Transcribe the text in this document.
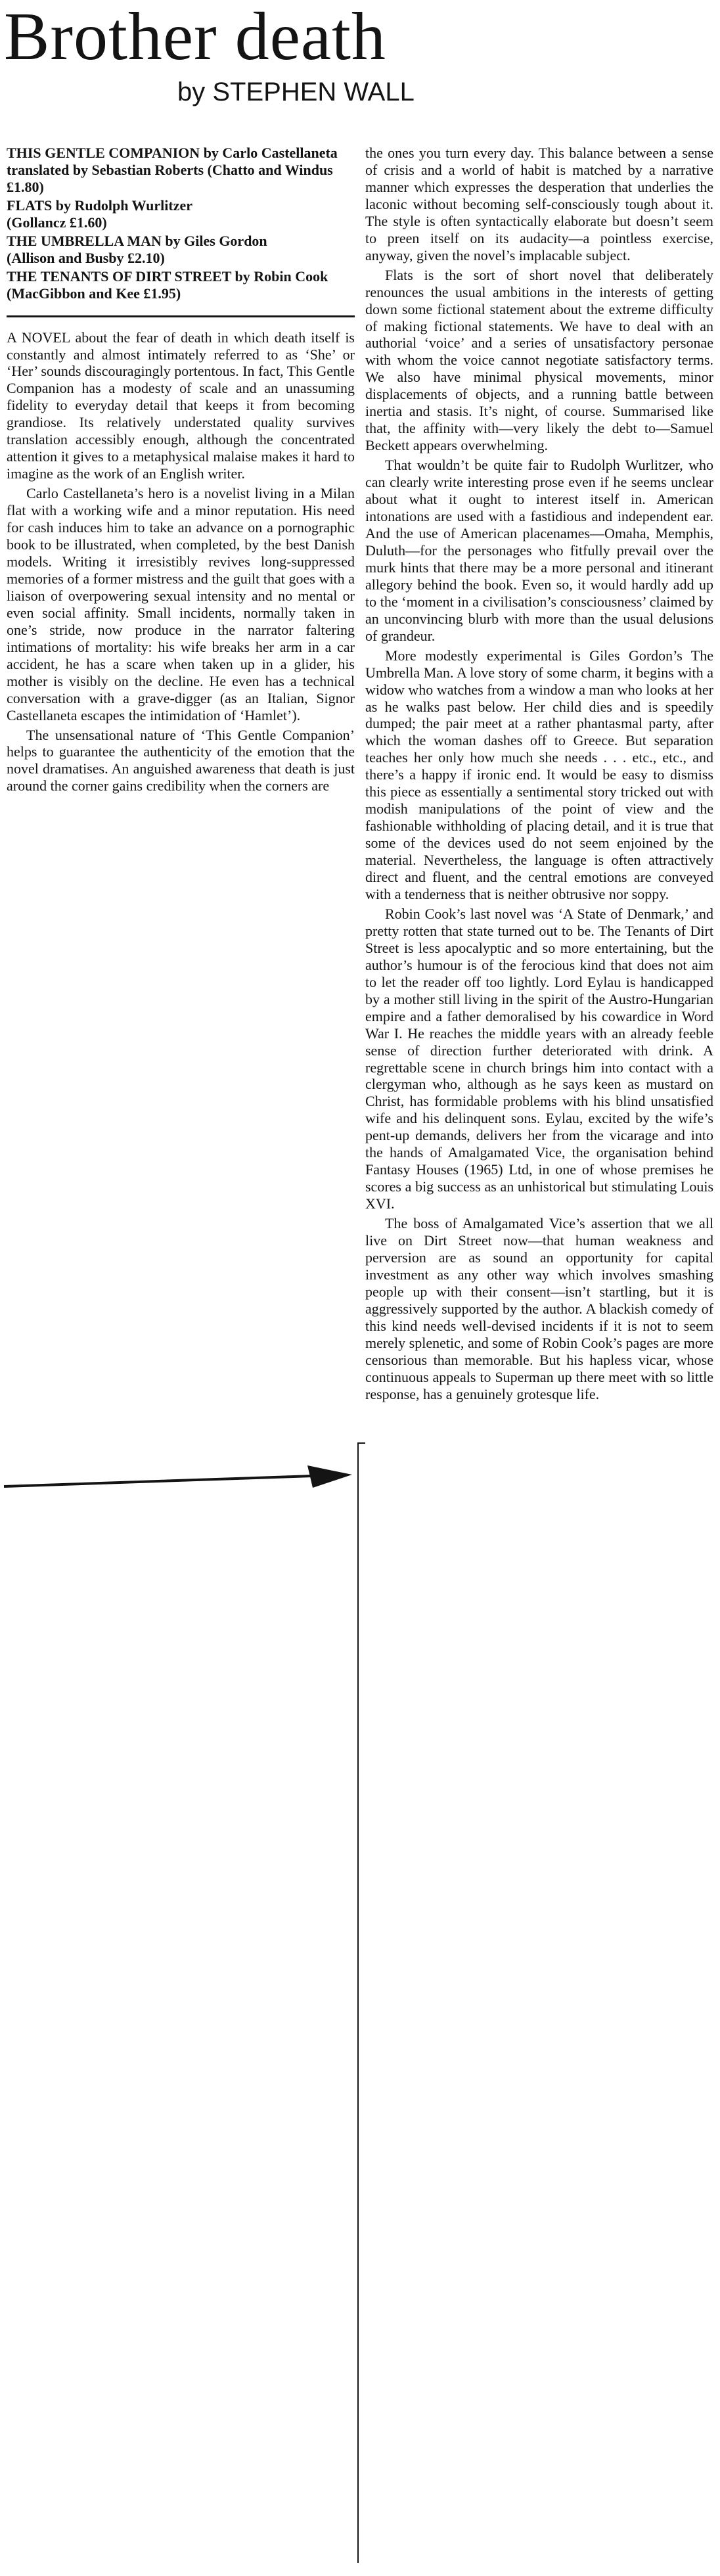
Brother death
by STEPHEN WALL
THIS GENTLE COMPANION by Carlo Castellaneta translated by Sebastian Roberts (Chatto and Windus £1.80)
FLATS by Rudolph Wurlitzer
(Gollancz £1.60)
THE UMBRELLA MAN by Giles Gordon
(Allison and Busby £2.10)
THE TENANTS OF DIRT STREET by Robin Cook
(MacGibbon and Kee £1.95)

A NOVEL about the fear of death in which death itself is constantly and almost intimately referred to as ‘She’ or ‘Her’ sounds discouragingly portentous. In fact, This Gentle Companion has a modesty of scale and an unassuming fidelity to everyday detail that keeps it from becoming grandiose. Its relatively understated quality survives translation accessibly enough, although the concentrated attention it gives to a metaphysical malaise makes it hard to imagine as the work of an English writer.

Carlo Castellaneta’s hero is a novelist living in a Milan flat with a working wife and a minor reputation. His need for cash induces him to take an advance on a pornographic book to be illustrated, when completed, by the best Danish models. Writing it irresistibly revives long-suppressed memories of a former mistress and the guilt that goes with a liaison of overpowering sexual intensity and no mental or even social affinity. Small incidents, normally taken in one’s stride, now produce in the narrator faltering intimations of mortality: his wife breaks her arm in a car accident, he has a scare when taken up in a glider, his mother is visibly on the decline. He even has a technical conversation with a grave-digger (as an Italian, Signor Castellaneta escapes the intimidation of ‘Hamlet’).

The unsensational nature of ‘This Gentle Companion’ helps to guarantee the authenticity of the emotion that the novel dramatises. An anguished awareness that death is just around the corner gains credibility when the corners are

the ones you turn every day. This balance between a sense of crisis and a world of habit is matched by a narrative manner which expresses the desperation that underlies the laconic without becoming self-consciously tough about it. The style is often syntactically elaborate but doesn’t seem to preen itself on its audacity—a pointless exercise, anyway, given the novel’s implacable subject.

Flats is the sort of short novel that deliberately renounces the usual ambitions in the interests of getting down some fictional statement about the extreme difficulty of making fictional statements. We have to deal with an authorial ‘voice’ and a series of unsatisfactory personae with whom the voice cannot negotiate satisfactory terms. We also have minimal physical movements, minor displacements of objects, and a running battle between inertia and stasis. It’s night, of course. Summarised like that, the affinity with—very likely the debt to—Samuel Beckett appears overwhelming.

That wouldn’t be quite fair to Rudolph Wurlitzer, who can clearly write interesting prose even if he seems unclear about what it ought to interest itself in. American intonations are used with a fastidious and independent ear. And the use of American placenames—Omaha, Memphis, Duluth—for the personages who fitfully prevail over the murk hints that there may be a more personal and itinerant allegory behind the book. Even so, it would hardly add up to the ‘moment in a civilisation’s consciousness’ claimed by an unconvincing blurb with more than the usual delusions of grandeur.

More modestly experimental is Giles Gordon’s The Umbrella Man. A love story of some charm, it begins with a widow who watches from a window a man who looks at her as he walks past below. Her child dies and is speedily dumped; the pair meet at a rather phantasmal party, after which the woman dashes off to Greece. But separation teaches her only how much she needs . . . etc., etc., and there’s a happy if ironic end. It would be easy to dismiss this piece as essentially a sentimental story tricked out with modish manipulations of the point of view and the fashionable withholding of placing detail, and it is true that some of the devices used do not seem enjoined by the material. Nevertheless, the language is often attractively direct and fluent, and the central emotions are conveyed with a tenderness that is neither obtrusive nor soppy.

Robin Cook’s last novel was ‘A State of Denmark,’ and pretty rotten that state turned out to be. The Tenants of Dirt Street is less apocalyptic and so more entertaining, but the author’s humour is of the ferocious kind that does not aim to let the reader off too lightly. Lord Eylau is handicapped by a mother still living in the spirit of the Austro-Hungarian empire and a father demoralised by his cowardice in Word War I. He reaches the middle years with an already feeble sense of direction further deteriorated with drink. A regrettable scene in church brings him into contact with a clergyman who, although as he says keen as mustard on Christ, has formidable problems with his blind unsatisfied wife and his delinquent sons. Eylau, excited by the wife’s pent-up demands, delivers her from the vicarage and into the hands of Amalgamated Vice, the organisation behind Fantasy Houses (1965) Ltd, in one of whose premises he scores a big success as an unhistorical but stimulating Louis XVI.

The boss of Amalgamated Vice’s assertion that we all live on Dirt Street now—that human weakness and perversion are as sound an opportunity for capital investment as any other way which involves smashing people up with their consent—isn’t startling, but it is aggressively supported by the author. A blackish comedy of this kind needs well-devised incidents if it is not to seem merely splenetic, and some of Robin Cook’s pages are more censorious than memorable. But his hapless vicar, whose continuous appeals to Superman up there meet with so little response, has a genuinely grotesque life.
